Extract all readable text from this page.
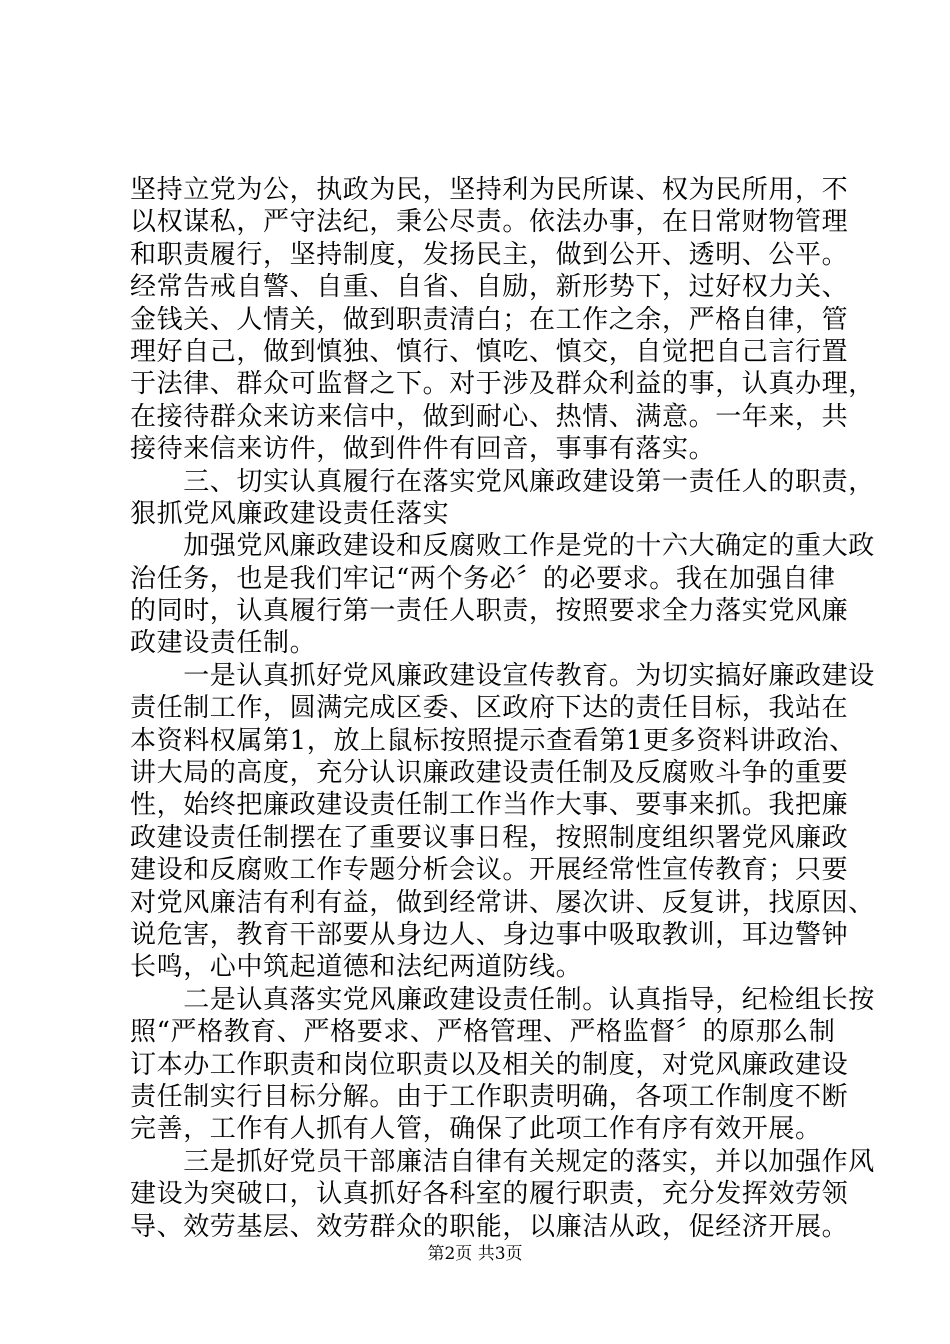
坚持立党为公，执政为民，坚持利为民所谋、权为民所用，不
以权谋私，严守法纪，秉公尽责。依法办事，在日常财物管理
和职责履行，坚持制度，发扬民主，做到公开、透明、公平。
经常告戒自警、自重、自省、自励，新形势下，过好权力关、
金钱关、人情关，做到职责清白；在工作之余，严格自律，管
理好自己，做到慎独、慎行、慎吃、慎交，自觉把自己言行置
于法律、群众可监督之下。对于涉及群众利益的事，认真办理，
在接待群众来访来信中，做到耐心、热情、满意。一年来，共
接待来信来访件，做到件件有回音，事事有落实。
　　三、切实认真履行在落实党风廉政建设第一责任人的职责，
狠抓党风廉政建设责任落实
　　加强党风廉政建设和反腐败工作是党的十六大确定的重大政
治任务，也是我们牢记“两个务必〞的必要求。我在加强自律
的同时，认真履行第一责任人职责，按照要求全力落实党风廉
政建设责任制。
　　一是认真抓好党风廉政建设宣传教育。为切实搞好廉政建设
责任制工作，圆满完成区委、区政府下达的责任目标，我站在
本资料权属第1，放上鼠标按照提示查看第1更多资料讲政治、
讲大局的高度，充分认识廉政建设责任制及反腐败斗争的重要
性，始终把廉政建设责任制工作当作大事、要事来抓。我把廉
政建设责任制摆在了重要议事日程，按照制度组织署党风廉政
建设和反腐败工作专题分析会议。开展经常性宣传教育；只要
对党风廉洁有利有益，做到经常讲、屡次讲、反复讲，找原因、
说危害，教育干部要从身边人、身边事中吸取教训，耳边警钟
长鸣，心中筑起道德和法纪两道防线。
　　二是认真落实党风廉政建设责任制。认真指导，纪检组长按
照“严格教育、严格要求、严格管理、严格监督〞的原那么制
订本办工作职责和岗位职责以及相关的制度，对党风廉政建设
责任制实行目标分解。由于工作职责明确，各项工作制度不断
完善，工作有人抓有人管，确保了此项工作有序有效开展。
　　三是抓好党员干部廉洁自律有关规定的落实，并以加强作风
建设为突破口，认真抓好各科室的履行职责，充分发挥效劳领
导、效劳基层、效劳群众的职能，以廉洁从政，促经济开展。
第2页 共3页
